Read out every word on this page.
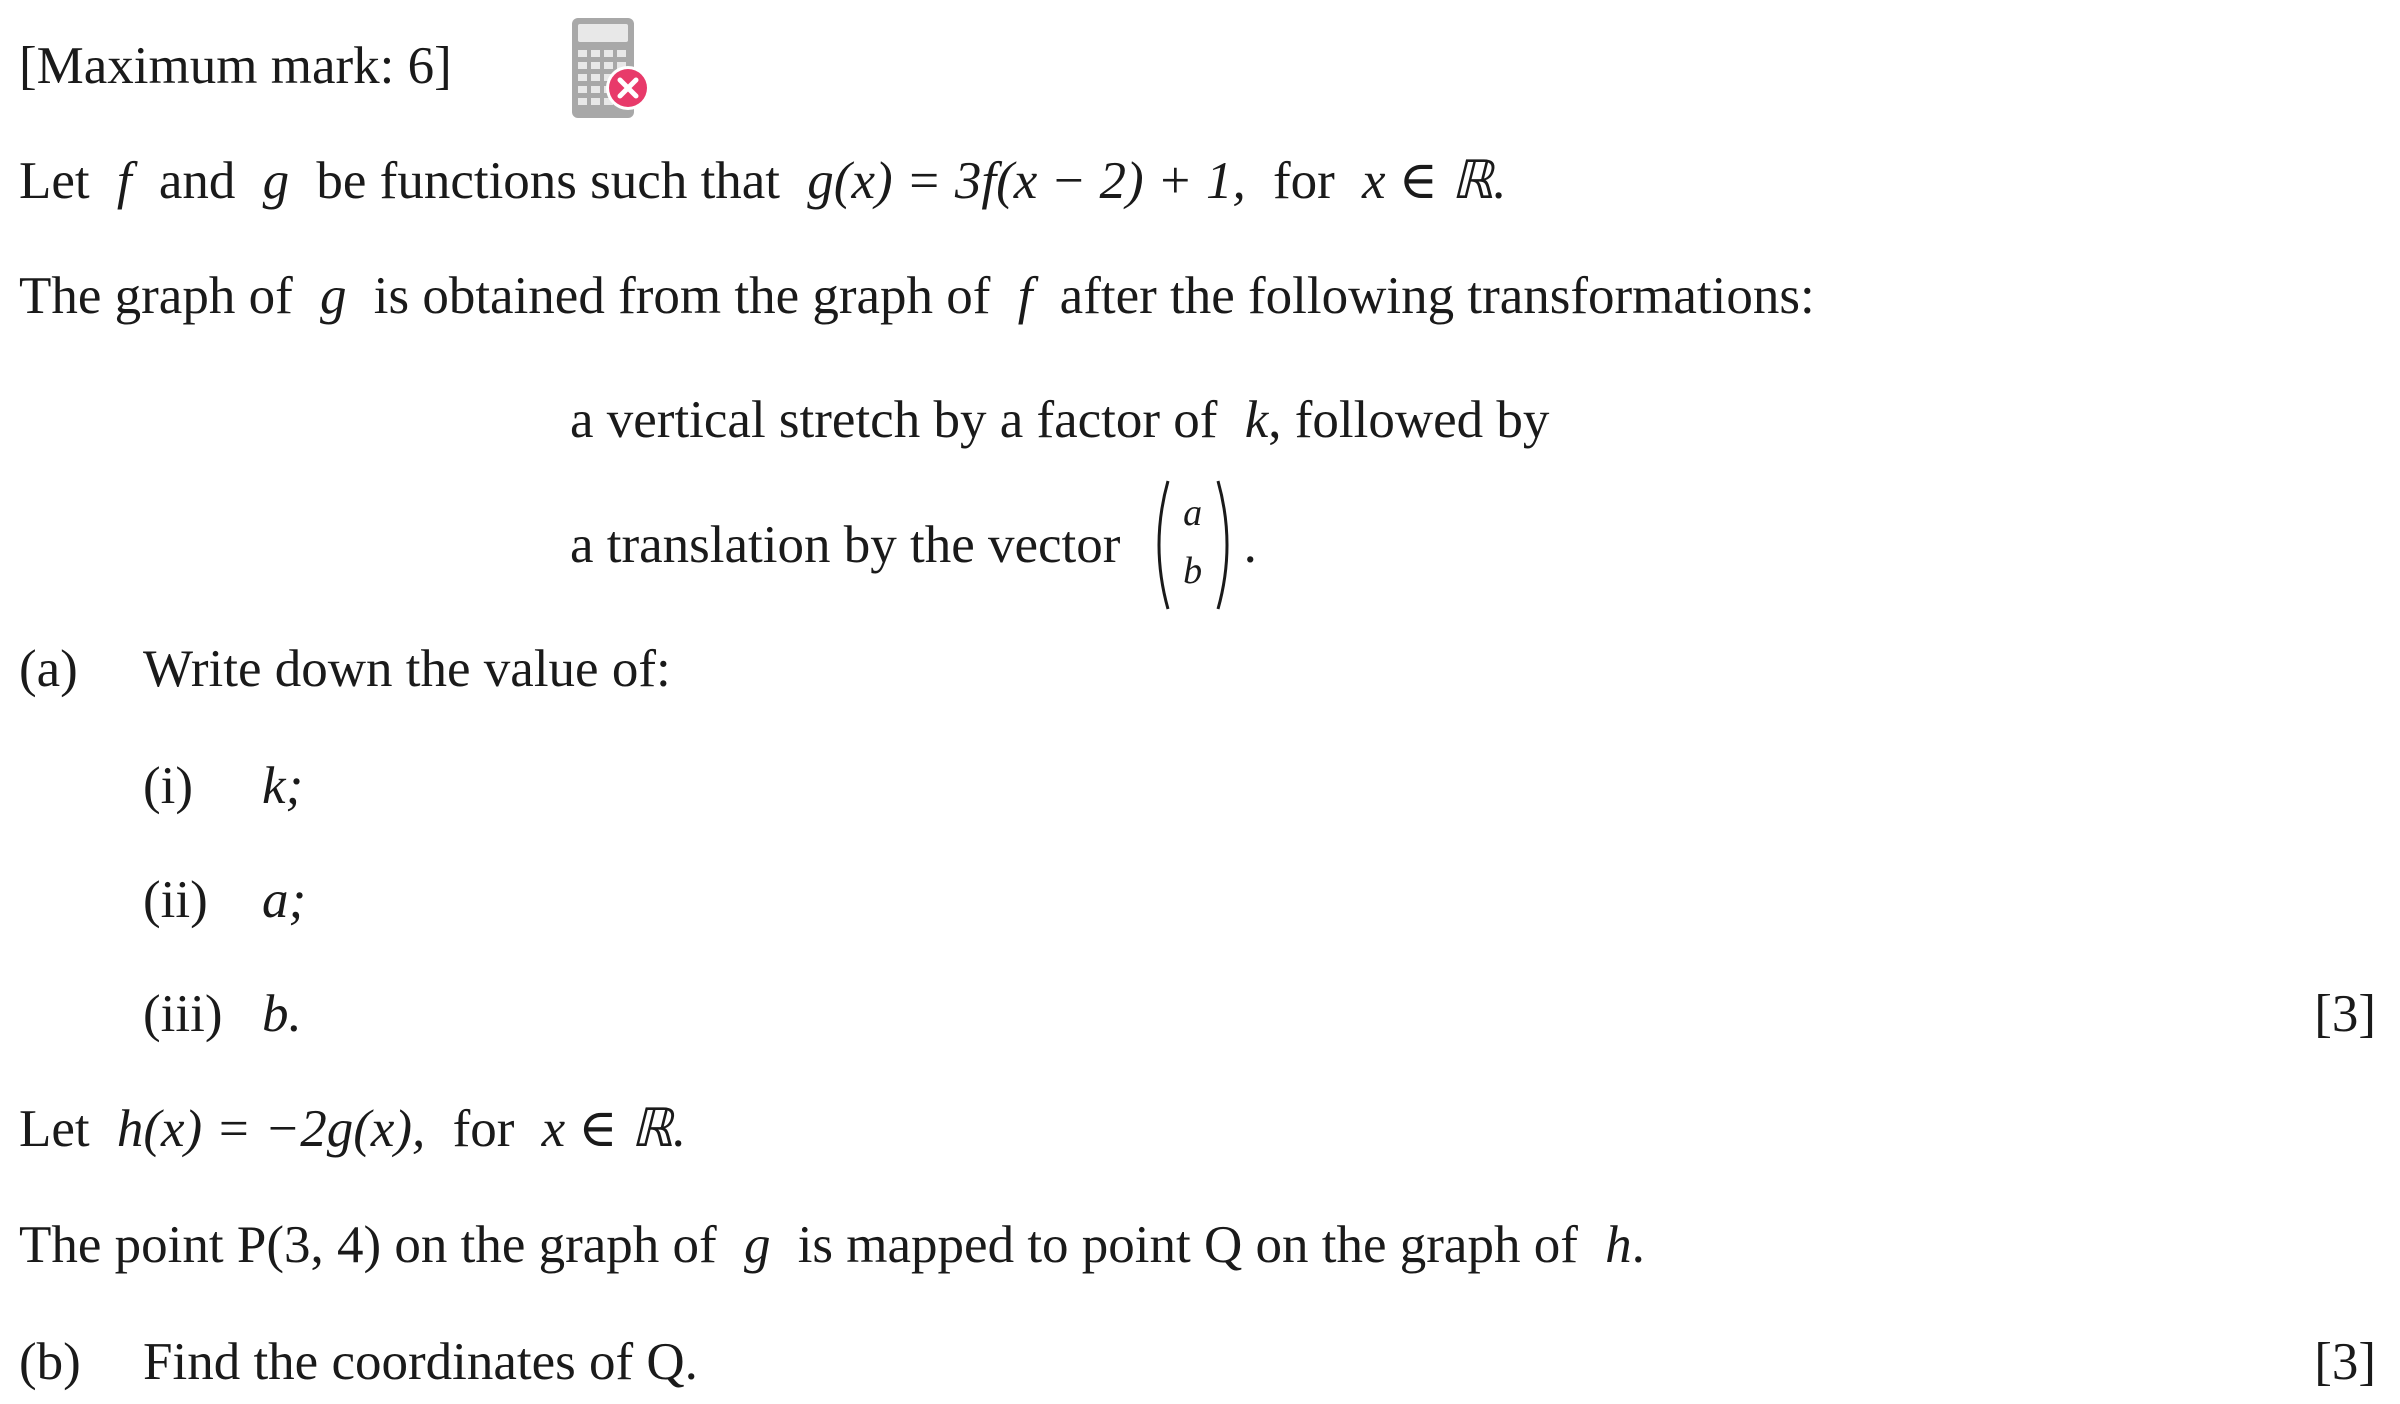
[Maximum mark: 6]
Let f and g be functions such that g(x) = 3f(x − 2) + 1, for x ∈ ℝ.
The graph of g is obtained from the graph of f after the following transformations:
a vertical stretch by a factor of k, followed by
a translation by the vector
a
b .
(a) Write down the value of:
(i) k;
(ii) a;
(iii) b.	[3]
Let h(x) = −2g(x), for x ∈ ℝ.
The point P(3, 4) on the graph of g is mapped to point Q on the graph of h.
(b) Find the coordinates of Q.	[3]
